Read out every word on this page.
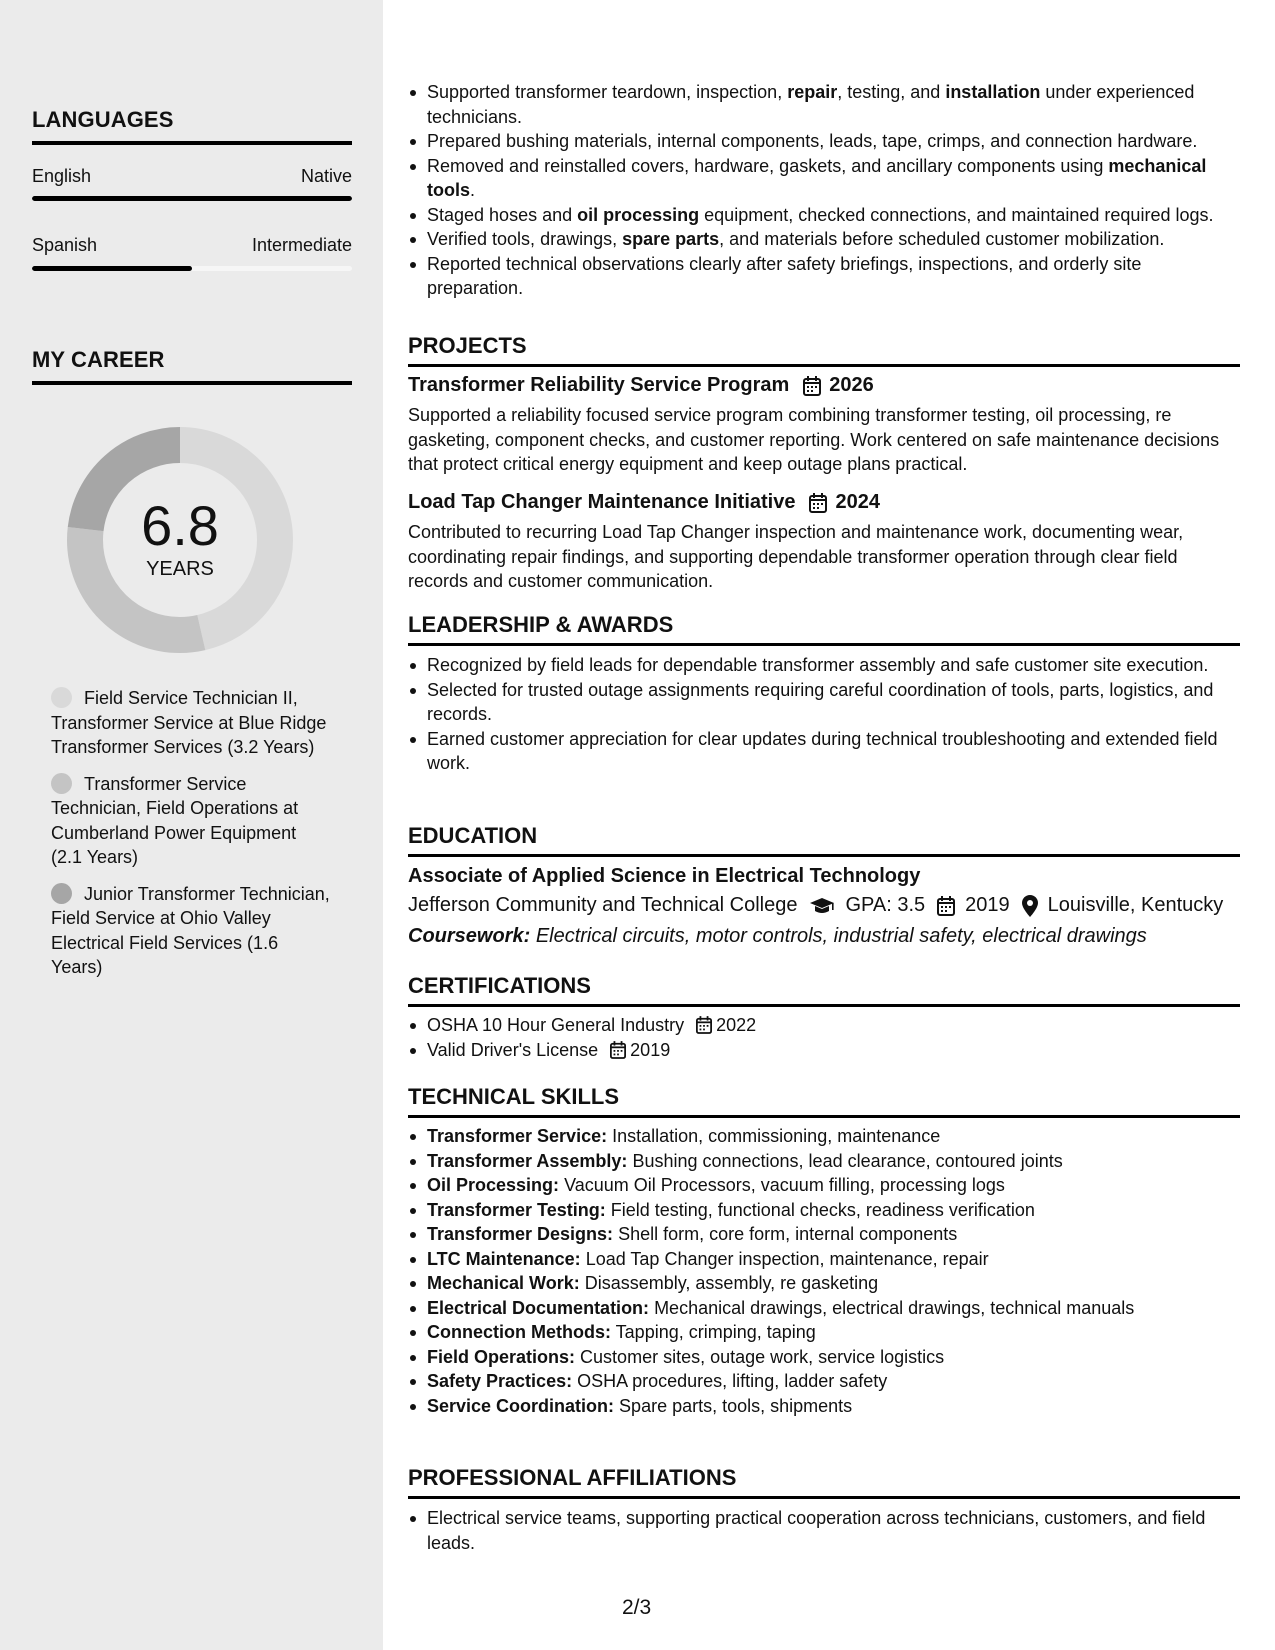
LANGUAGES
English	Native
Spanish	Intermediate
MY CAREER
6.8
YEARS
Field Service Technician II, Transformer Service at Blue Ridge Transformer Services (3.2 Years)
Transformer Service Technician, Field Operations at Cumberland Power Equipment (2.1 Years)
Junior Transformer Technician, Field Service at Ohio Valley Electrical Field Services (1.6 Years)
Supported transformer teardown, inspection, repair, testing, and installation under experienced technicians.
Prepared bushing materials, internal components, leads, tape, crimps, and connection hardware.
Removed and reinstalled covers, hardware, gaskets, and ancillary components using mechanical tools.
Staged hoses and oil processing equipment, checked connections, and maintained required logs.
Verified tools, drawings, spare parts, and materials before scheduled customer mobilization.
Reported technical observations clearly after safety briefings, inspections, and orderly site preparation.
PROJECTS
Transformer Reliability Service Program 2026
Supported a reliability focused service program combining transformer testing, oil processing, re gasketing, component checks, and customer reporting. Work centered on safe maintenance decisions that protect critical energy equipment and keep outage plans practical.
Load Tap Changer Maintenance Initiative 2024
Contributed to recurring Load Tap Changer inspection and maintenance work, documenting wear, coordinating repair findings, and supporting dependable transformer operation through clear field records and customer communication.
LEADERSHIP & AWARDS
Recognized by field leads for dependable transformer assembly and safe customer site execution.
Selected for trusted outage assignments requiring careful coordination of tools, parts, logistics, and records.
Earned customer appreciation for clear updates during technical troubleshooting and extended field work.
EDUCATION
Associate of Applied Science in Electrical Technology
Jefferson Community and Technical College GPA: 3.5 2019 Louisville, Kentucky
Coursework: Electrical circuits, motor controls, industrial safety, electrical drawings
CERTIFICATIONS
OSHA 10 Hour General Industry 2022
Valid Driver's License 2019
TECHNICAL SKILLS
Transformer Service: Installation, commissioning, maintenance
Transformer Assembly: Bushing connections, lead clearance, contoured joints
Oil Processing: Vacuum Oil Processors, vacuum filling, processing logs
Transformer Testing: Field testing, functional checks, readiness verification
Transformer Designs: Shell form, core form, internal components
LTC Maintenance: Load Tap Changer inspection, maintenance, repair
Mechanical Work: Disassembly, assembly, re gasketing
Electrical Documentation: Mechanical drawings, electrical drawings, technical manuals
Connection Methods: Tapping, crimping, taping
Field Operations: Customer sites, outage work, service logistics
Safety Practices: OSHA procedures, lifting, ladder safety
Service Coordination: Spare parts, tools, shipments
PROFESSIONAL AFFILIATIONS
Electrical service teams, supporting practical cooperation across technicians, customers, and field leads.
2/3
